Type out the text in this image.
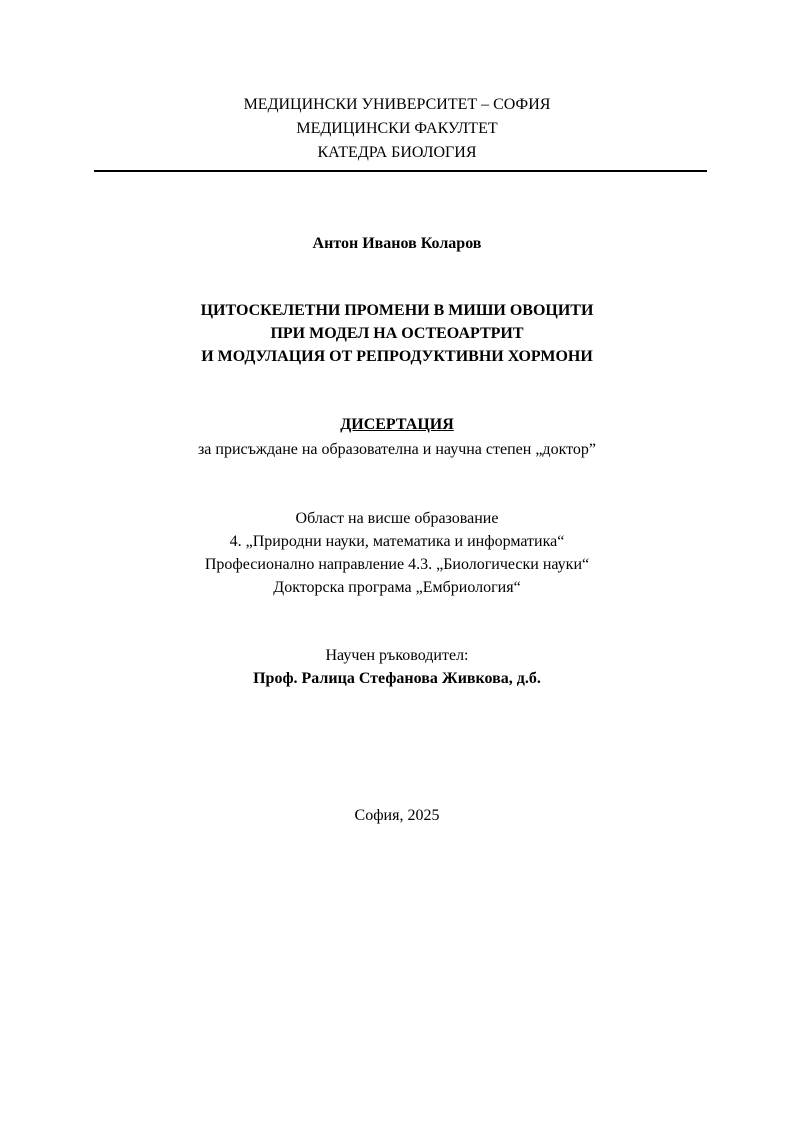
МЕДИЦИНСКИ УНИВЕРСИТЕТ – СОФИЯ
МЕДИЦИНСКИ ФАКУЛТЕТ
КАТЕДРА БИОЛОГИЯ
Антон Иванов Коларов
ЦИТОСКЕЛЕТНИ ПРОМЕНИ В МИШИ ОВОЦИТИ
ПРИ МОДЕЛ НА ОСТЕОАРТРИТ
И МОДУЛАЦИЯ ОТ РЕПРОДУКТИВНИ ХОРМОНИ
ДИСЕРТАЦИЯ
за присъждане на образователна и научна степен „доктор”
Област на висше образование
4. „Природни науки, математика и информатика“
Професионално направление 4.3. „Биологически науки“
Докторска програма „Ембриология“
Научен ръководител:
Проф. Ралица Стефанова Живкова, д.б.
София, 2025
